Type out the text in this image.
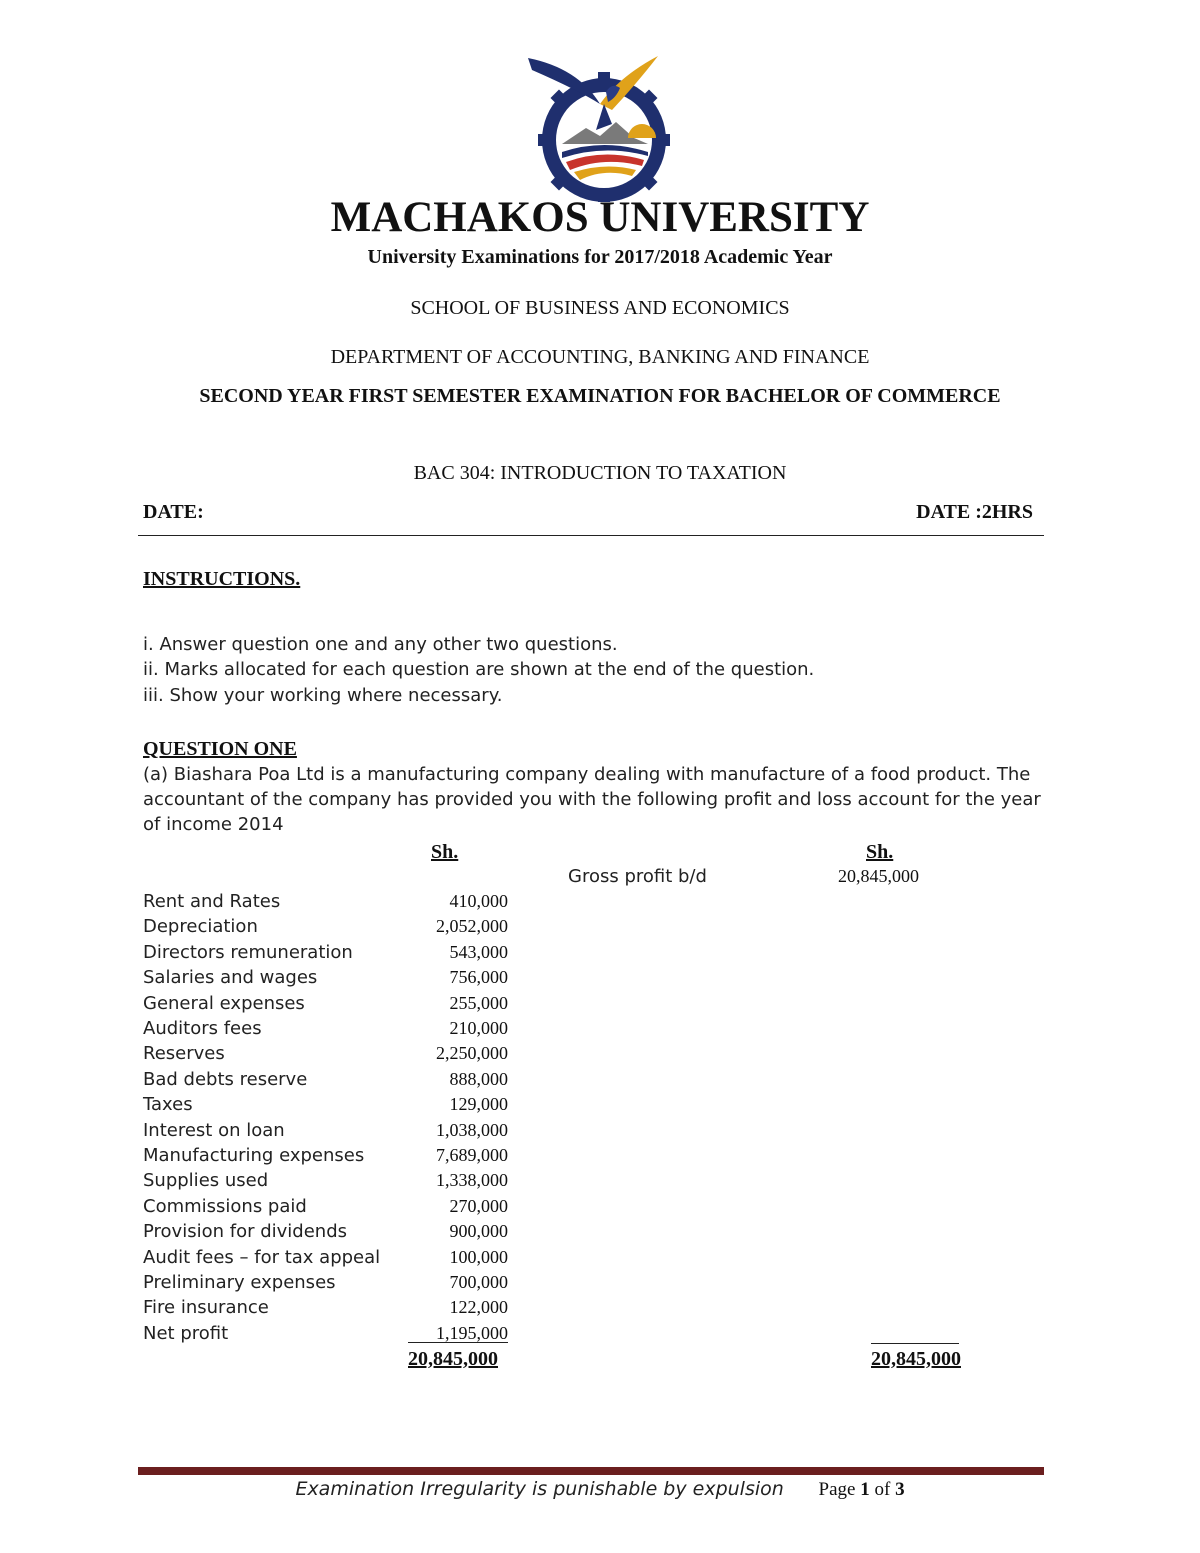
MACHAKOS UNIVERSITY
University Examinations for 2017/2018 Academic Year
SCHOOL OF BUSINESS AND ECONOMICS
DEPARTMENT OF ACCOUNTING, BANKING AND FINANCE
SECOND YEAR FIRST SEMESTER EXAMINATION FOR BACHELOR OF COMMERCE
BAC 304: INTRODUCTION TO TAXATION
DATE:	DATE :2HRS
INSTRUCTIONS.
i. Answer question one and any other two questions.
ii. Marks allocated for each question are shown at the end of the question.
iii. Show your working where necessary.
QUESTION ONE
(a) Biashara Poa Ltd is a manufacturing company dealing with manufacture of a food product. The
accountant of the company has provided you with the following profit and loss account for the year
of income 2014
Sh.	Sh.
Gross profit b/d	20,845,000
Rent and Rates	410,000
Depreciation	2,052,000
Directors remuneration	543,000
Salaries and wages	756,000
General expenses	255,000
Auditors fees	210,000
Reserves	2,250,000
Bad debts reserve	888,000
Taxes	129,000
Interest on loan	1,038,000
Manufacturing expenses	7,689,000
Supplies used	1,338,000
Commissions paid	270,000
Provision for dividends	900,000
Audit fees – for tax appeal	100,000
Preliminary expenses	700,000
Fire insurance	122,000
Net profit	1,195,000
20,845,000	20,845,000
Examination Irregularity is punishable by expulsion Page 1 of 3
